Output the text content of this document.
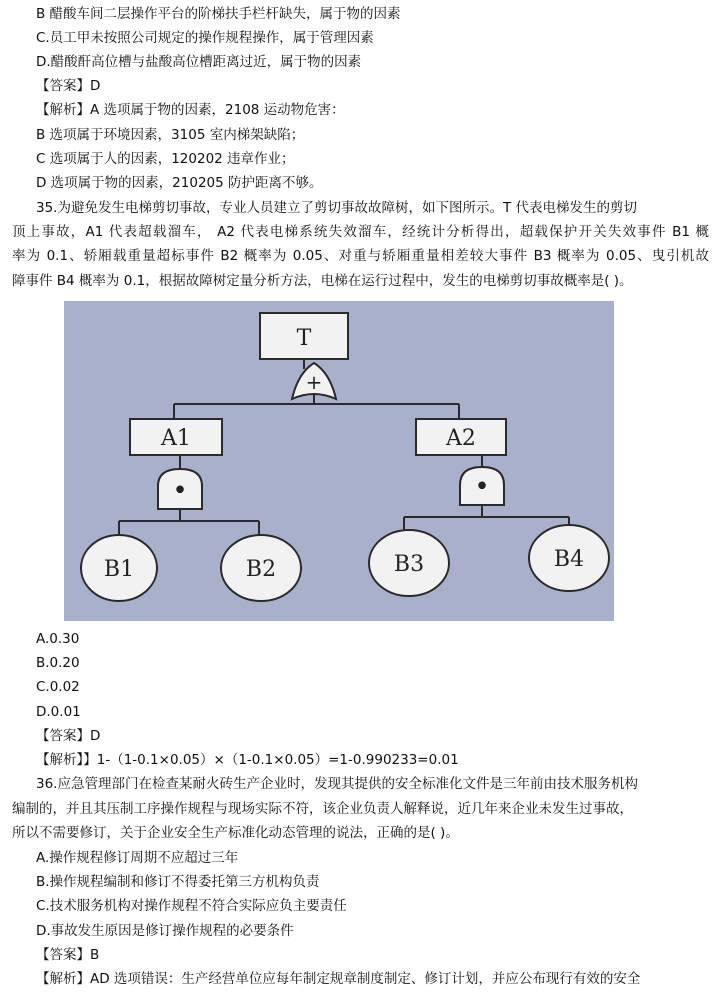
B 醋酸车间二层操作平台的阶梯扶手栏杆缺失，属于物的因素
C.员工甲未按照公司规定的操作规程操作，属于管理因素
D.醋酸酐高位槽与盐酸高位槽距离过近，属于物的因素
【答案】D
【解析】A 选项属于物的因素，2108 运动物危害：
B 选项属于环境因素，3105 室内梯架缺陷；
C 选项属于人的因素，120202 违章作业；
D 选项属于物的因素，210205 防护距离不够。
35.为避免发生电梯剪切事故，专业人员建立了剪切事故故障树，如下图所示。T 代表电梯发生的剪切
顶上事故，A1 代表超载溜车， A2 代表电梯系统失效溜车，经统计分析得出，超载保护开关失效事件 B1 概
率为 0.1、轿厢载重量超标事件 B2 概率为 0.05、对重与轿厢重量相差较大事件 B3 概率为 0.05、曳引机故
障事件 B4 概率为 0.1，根据故障树定量分析方法，电梯在运行过程中，发生的电梯剪切事故概率是( )。
T
+
A1	A2
•	•
B1	B2	B3	B4
A.0.30
B.0.20
C.0.02
D.0.01
【答案】D
【解析】】1-（1-0.1×0.05）×（1-0.1×0.05）=1-0.990233=0.01
36.应急管理部门在检查某耐火砖生产企业时，发现其提供的安全标准化文件是三年前由技术服务机构
编制的，并且其压制工序操作规程与现场实际不符，该企业负责人解释说，近几年来企业未发生过事故，
所以不需要修订，关于企业安全生产标准化动态管理的说法，正确的是( )。
A.操作规程修订周期不应超过三年
B.操作规程编制和修订不得委托第三方机构负责
C.技术服务机构对操作规程不符合实际应负主要责任
D.事故发生原因是修订操作规程的必要条件
【答案】B
【解析】AD 选项错误：生产经营单位应每年制定规章制度制定、修订计划，并应公布现行有效的安全
